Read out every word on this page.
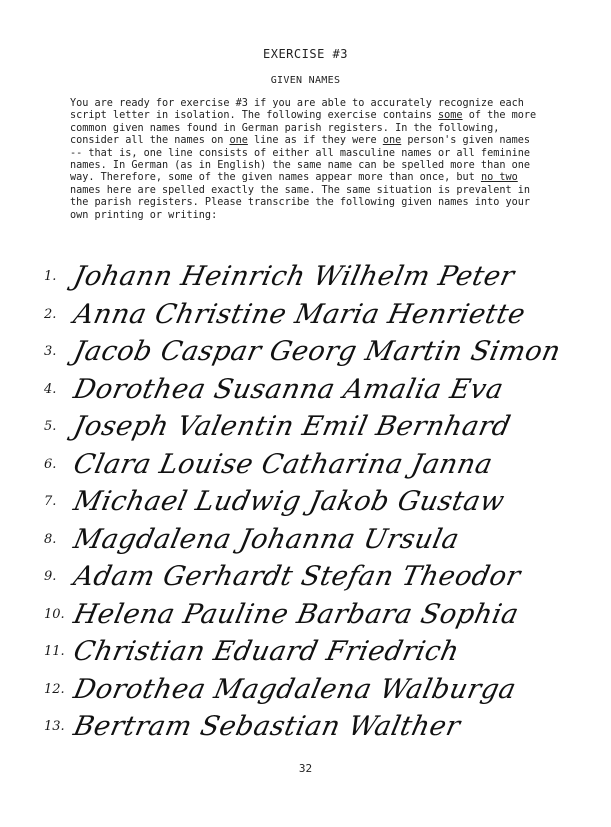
EXERCISE #3
GIVEN NAMES

You are ready for exercise #3 if you are able to accurately recognize each script letter in isolation. The following exercise contains some of the more common given names found in German parish registers. In the following, consider all the names on one line as if they were one person's given names -- that is, one line consists of either all masculine names or all feminine names. In German (as in English) the same name can be spelled more than one way. Therefore, some of the given names appear more than once, but no two names here are spelled exactly the same. The same situation is prevalent in the parish registers. Please transcribe the following given names into your own printing or writing:

1. Johann Heinrich Wilhelm Peter
2. Anna Christine Maria Henriette
3. Jacob Caspar Georg Martin Simon
4. Dorothea Susanna Amalia Eva
5. Joseph Valentin Emil Bernhard
6. Clara Louise Catharina Janna
7. Michael Ludwig Jakob Gustaw
8. Magdalena Johanna Ursula
9. Adam Gerhardt Stefan Theodor
10. Helena Pauline Barbara Sophia
11. Christian Eduard Friedrich
12. Dorothea Magdalena Walburga
13. Bertram Sebastian Walther
32
